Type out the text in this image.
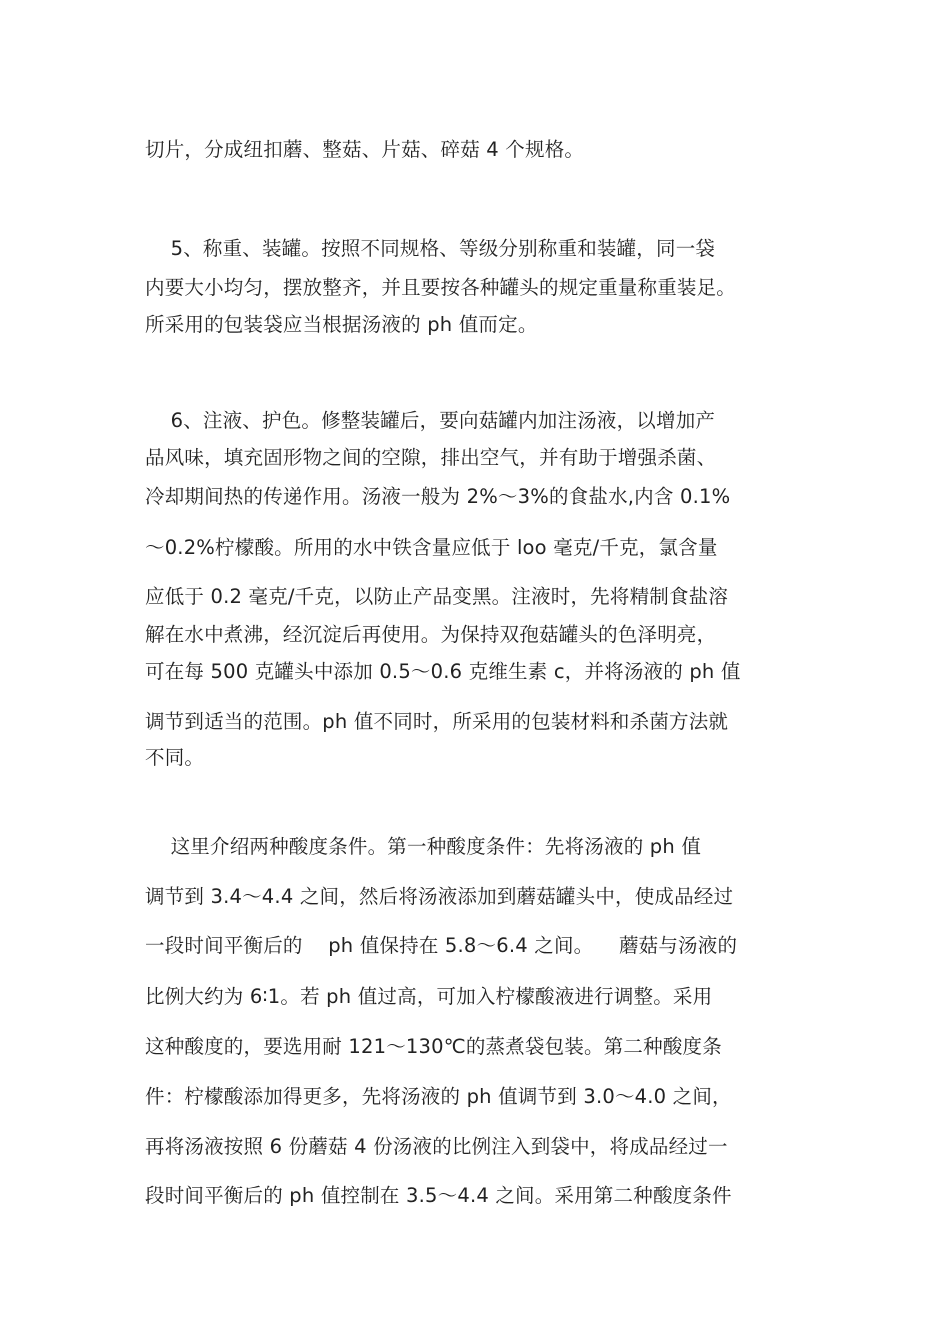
切片，分成纽扣蘑、整菇、片菇、碎菇 4 个规格。
5、称重、装罐。按照不同规格、等级分别称重和装罐，同一袋
内要大小均匀，摆放整齐，并且要按各种罐头的规定重量称重装足。
所采用的包装袋应当根据汤液的 ph 值而定。
6、注液、护色。修整装罐后，要向菇罐内加注汤液，以增加产
品风味，填充固形物之间的空隙，排出空气，并有助于增强杀菌、
冷却期间热的传递作用。汤液一般为 2%～3%的食盐水,内含 0.1%
～0.2%柠檬酸。所用的水中铁含量应低于 loo 毫克/千克，氯含量
应低于 0.2 毫克/千克，以防止产品变黑。注液时，先将精制食盐溶
解在水中煮沸，经沉淀后再使用。为保持双孢菇罐头的色泽明亮，
可在每 500 克罐头中添加 0.5～0.6 克维生素 c，并将汤液的 ph 值
调节到适当的范围。ph 值不同时，所采用的包装材料和杀菌方法就
不同。
这里介绍两种酸度条件。第一种酸度条件：先将汤液的 ph 值
调节到 3.4～4.4 之间，然后将汤液添加到蘑菇罐头中，使成品经过
一段时间平衡后的    ph 值保持在 5.8～6.4 之间。    蘑菇与汤液的
比例大约为 6∶1。若 ph 值过高，可加入柠檬酸液进行调整。采用
这种酸度的，要选用耐 121～130℃的蒸煮袋包装。第二种酸度条
件：柠檬酸添加得更多，先将汤液的 ph 值调节到 3.0～4.0 之间，
再将汤液按照 6 份蘑菇 4 份汤液的比例注入到袋中，将成品经过一
段时间平衡后的 ph 值控制在 3.5～4.4 之间。采用第二种酸度条件
